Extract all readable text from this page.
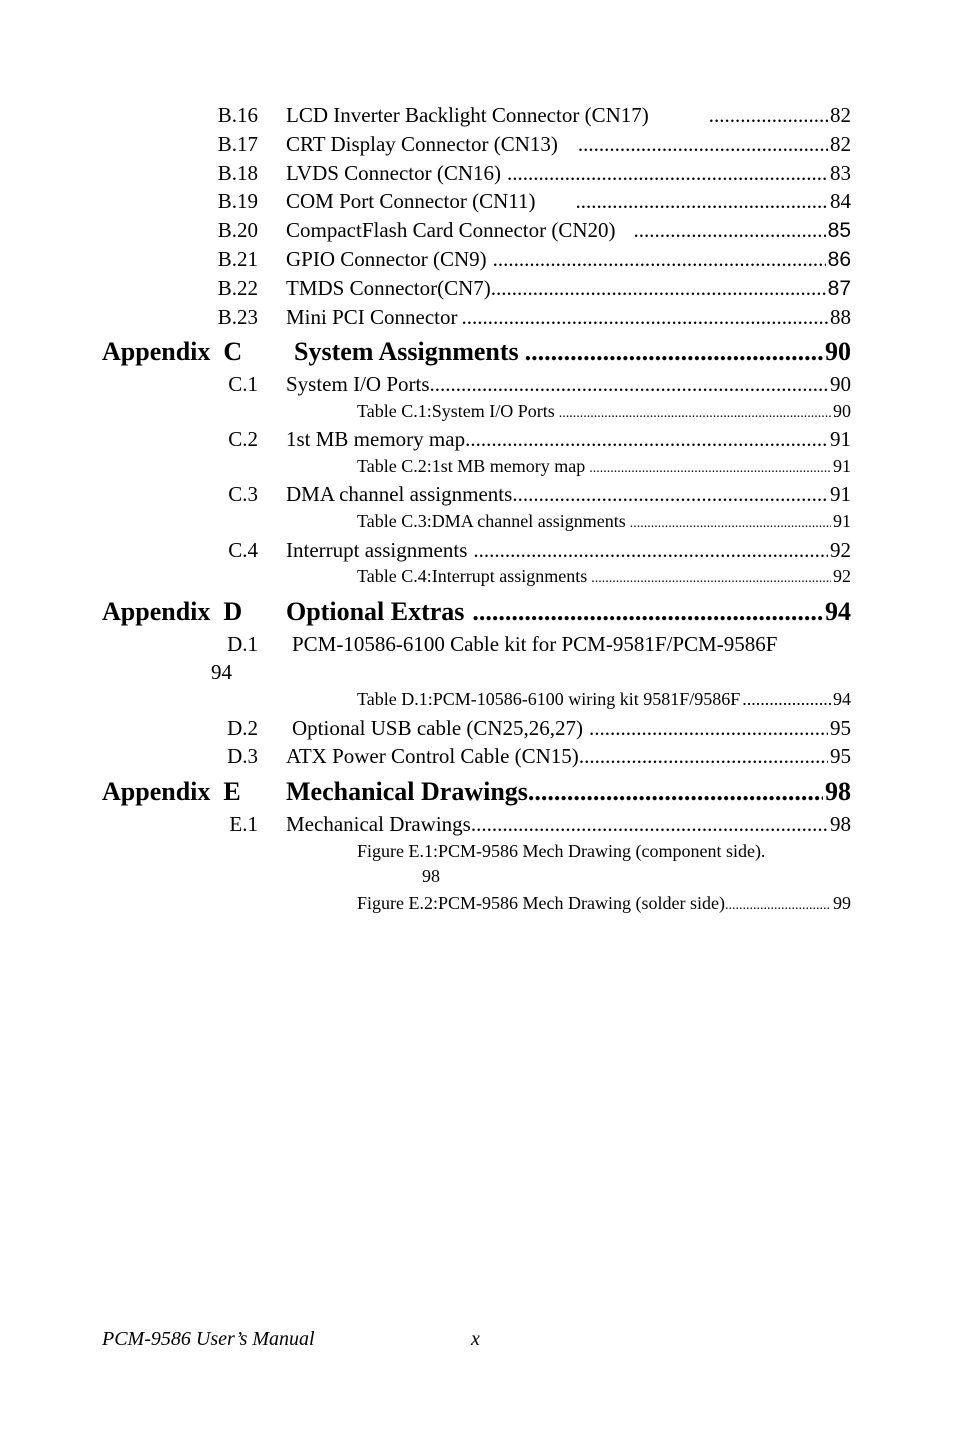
B.16 LCD Inverter Backlight Connector (CN17) .....	82
B.17 CRT Display Connector (CN13) .....	82
B.18 LVDS Connector (CN16) .....	83
B.19 COM Port Connector (CN11) .....	84
B.20 CompactFlash Card Connector (CN20) .....	85
B.21 GPIO Connector (CN9) .....	86
B.22 TMDS Connector(CN7) .....	87
B.23 Mini PCI Connector .....	88
Appendix  C System Assignments .....	90
C.1 System I/O Ports .....	90
Table C.1:System I/O Ports .....	90
C.2 1st MB memory map .....	91
Table C.2:1st MB memory map .....	91
C.3 DMA channel assignments .....	91
Table C.3:DMA channel assignments .....	91
C.4 Interrupt assignments .....	92
Table C.4:Interrupt assignments .....	92
Appendix  D Optional Extras .....	94
D.1 PCM-10586-6100 Cable kit for PCM-9581F/PCM-9586F
94
Table D.1:PCM-10586-6100 wiring kit 9581F/9586F .....	94
D.2 Optional USB cable (CN25,26,27) .....	95
D.3 ATX Power Control Cable (CN15) .....	95
Appendix  E Mechanical Drawings .....	98
E.1 Mechanical Drawings .....	98
Figure E.1:PCM-9586 Mech Drawing (component side).
98
Figure E.2:PCM-9586 Mech Drawing (solder side) .....	99
PCM-9586 User’s Manual	x
